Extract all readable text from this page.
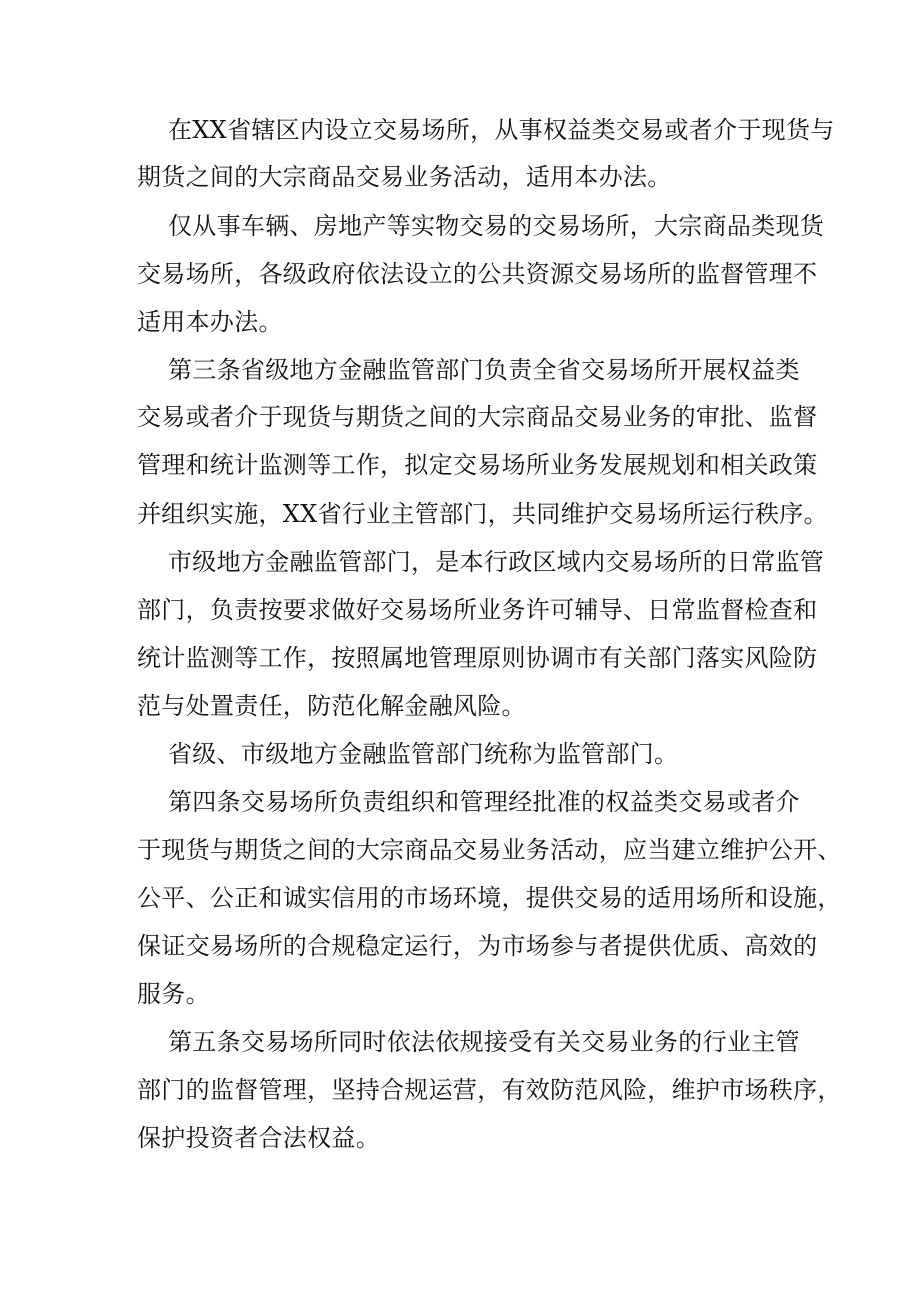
在XX省辖区内设立交易场所，从事权益类交易或者介于现货与
期货之间的大宗商品交易业务活动，适用本办法。
仅从事车辆、房地产等实物交易的交易场所，大宗商品类现货
交易场所，各级政府依法设立的公共资源交易场所的监督管理不
适用本办法。
第三条省级地方金融监管部门负责全省交易场所开展权益类
交易或者介于现货与期货之间的大宗商品交易业务的审批、监督
管理和统计监测等工作，拟定交易场所业务发展规划和相关政策
并组织实施，XX省行业主管部门，共同维护交易场所运行秩序。
市级地方金融监管部门，是本行政区域内交易场所的日常监管
部门，负责按要求做好交易场所业务许可辅导、日常监督检查和
统计监测等工作，按照属地管理原则协调市有关部门落实风险防
范与处置责任，防范化解金融风险。
省级、市级地方金融监管部门统称为监管部门。
第四条交易场所负责组织和管理经批准的权益类交易或者介
于现货与期货之间的大宗商品交易业务活动，应当建立维护公开、
公平、公正和诚实信用的市场环境，提供交易的适用场所和设施，
保证交易场所的合规稳定运行，为市场参与者提供优质、高效的
服务。
第五条交易场所同时依法依规接受有关交易业务的行业主管
部门的监督管理，坚持合规运营，有效防范风险，维护市场秩序，
保护投资者合法权益。
